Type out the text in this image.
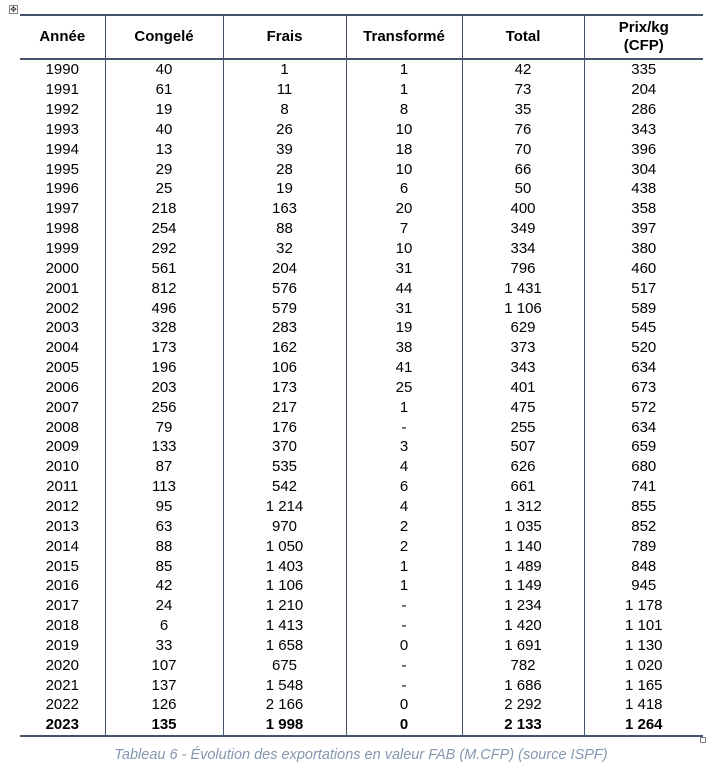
✥
Année	Congelé	Frais	Transformé	Total	Prix/kg
(CFP)
1990	40	1	1	42	335
1991	61	11	1	73	204
1992	19	8	8	35	286
1993	40	26	10	76	343
1994	13	39	18	70	396
1995	29	28	10	66	304
1996	25	19	6	50	438
1997	218	163	20	400	358
1998	254	88	7	349	397
1999	292	32	10	334	380
2000	561	204	31	796	460
2001	812	576	44	1 431	517
2002	496	579	31	1 106	589
2003	328	283	19	629	545
2004	173	162	38	373	520
2005	196	106	41	343	634
2006	203	173	25	401	673
2007	256	217	1	475	572
2008	79	176	-	255	634
2009	133	370	3	507	659
2010	87	535	4	626	680
2011	113	542	6	661	741
2012	95	1 214	4	1 312	855
2013	63	970	2	1 035	852
2014	88	1 050	2	1 140	789
2015	85	1 403	1	1 489	848
2016	42	1 106	1	1 149	945
2017	24	1 210	-	1 234	1 178
2018	6	1 413	-	1 420	1 101
2019	33	1 658	0	1 691	1 130
2020	107	675	-	782	1 020
2021	137	1 548	-	1 686	1 165
2022	126	2 166	0	2 292	1 418
2023	135	1 998	0	2 133	1 264
Tableau 6 - Évolution des exportations en valeur FAB (M.CFP) (source ISPF)
